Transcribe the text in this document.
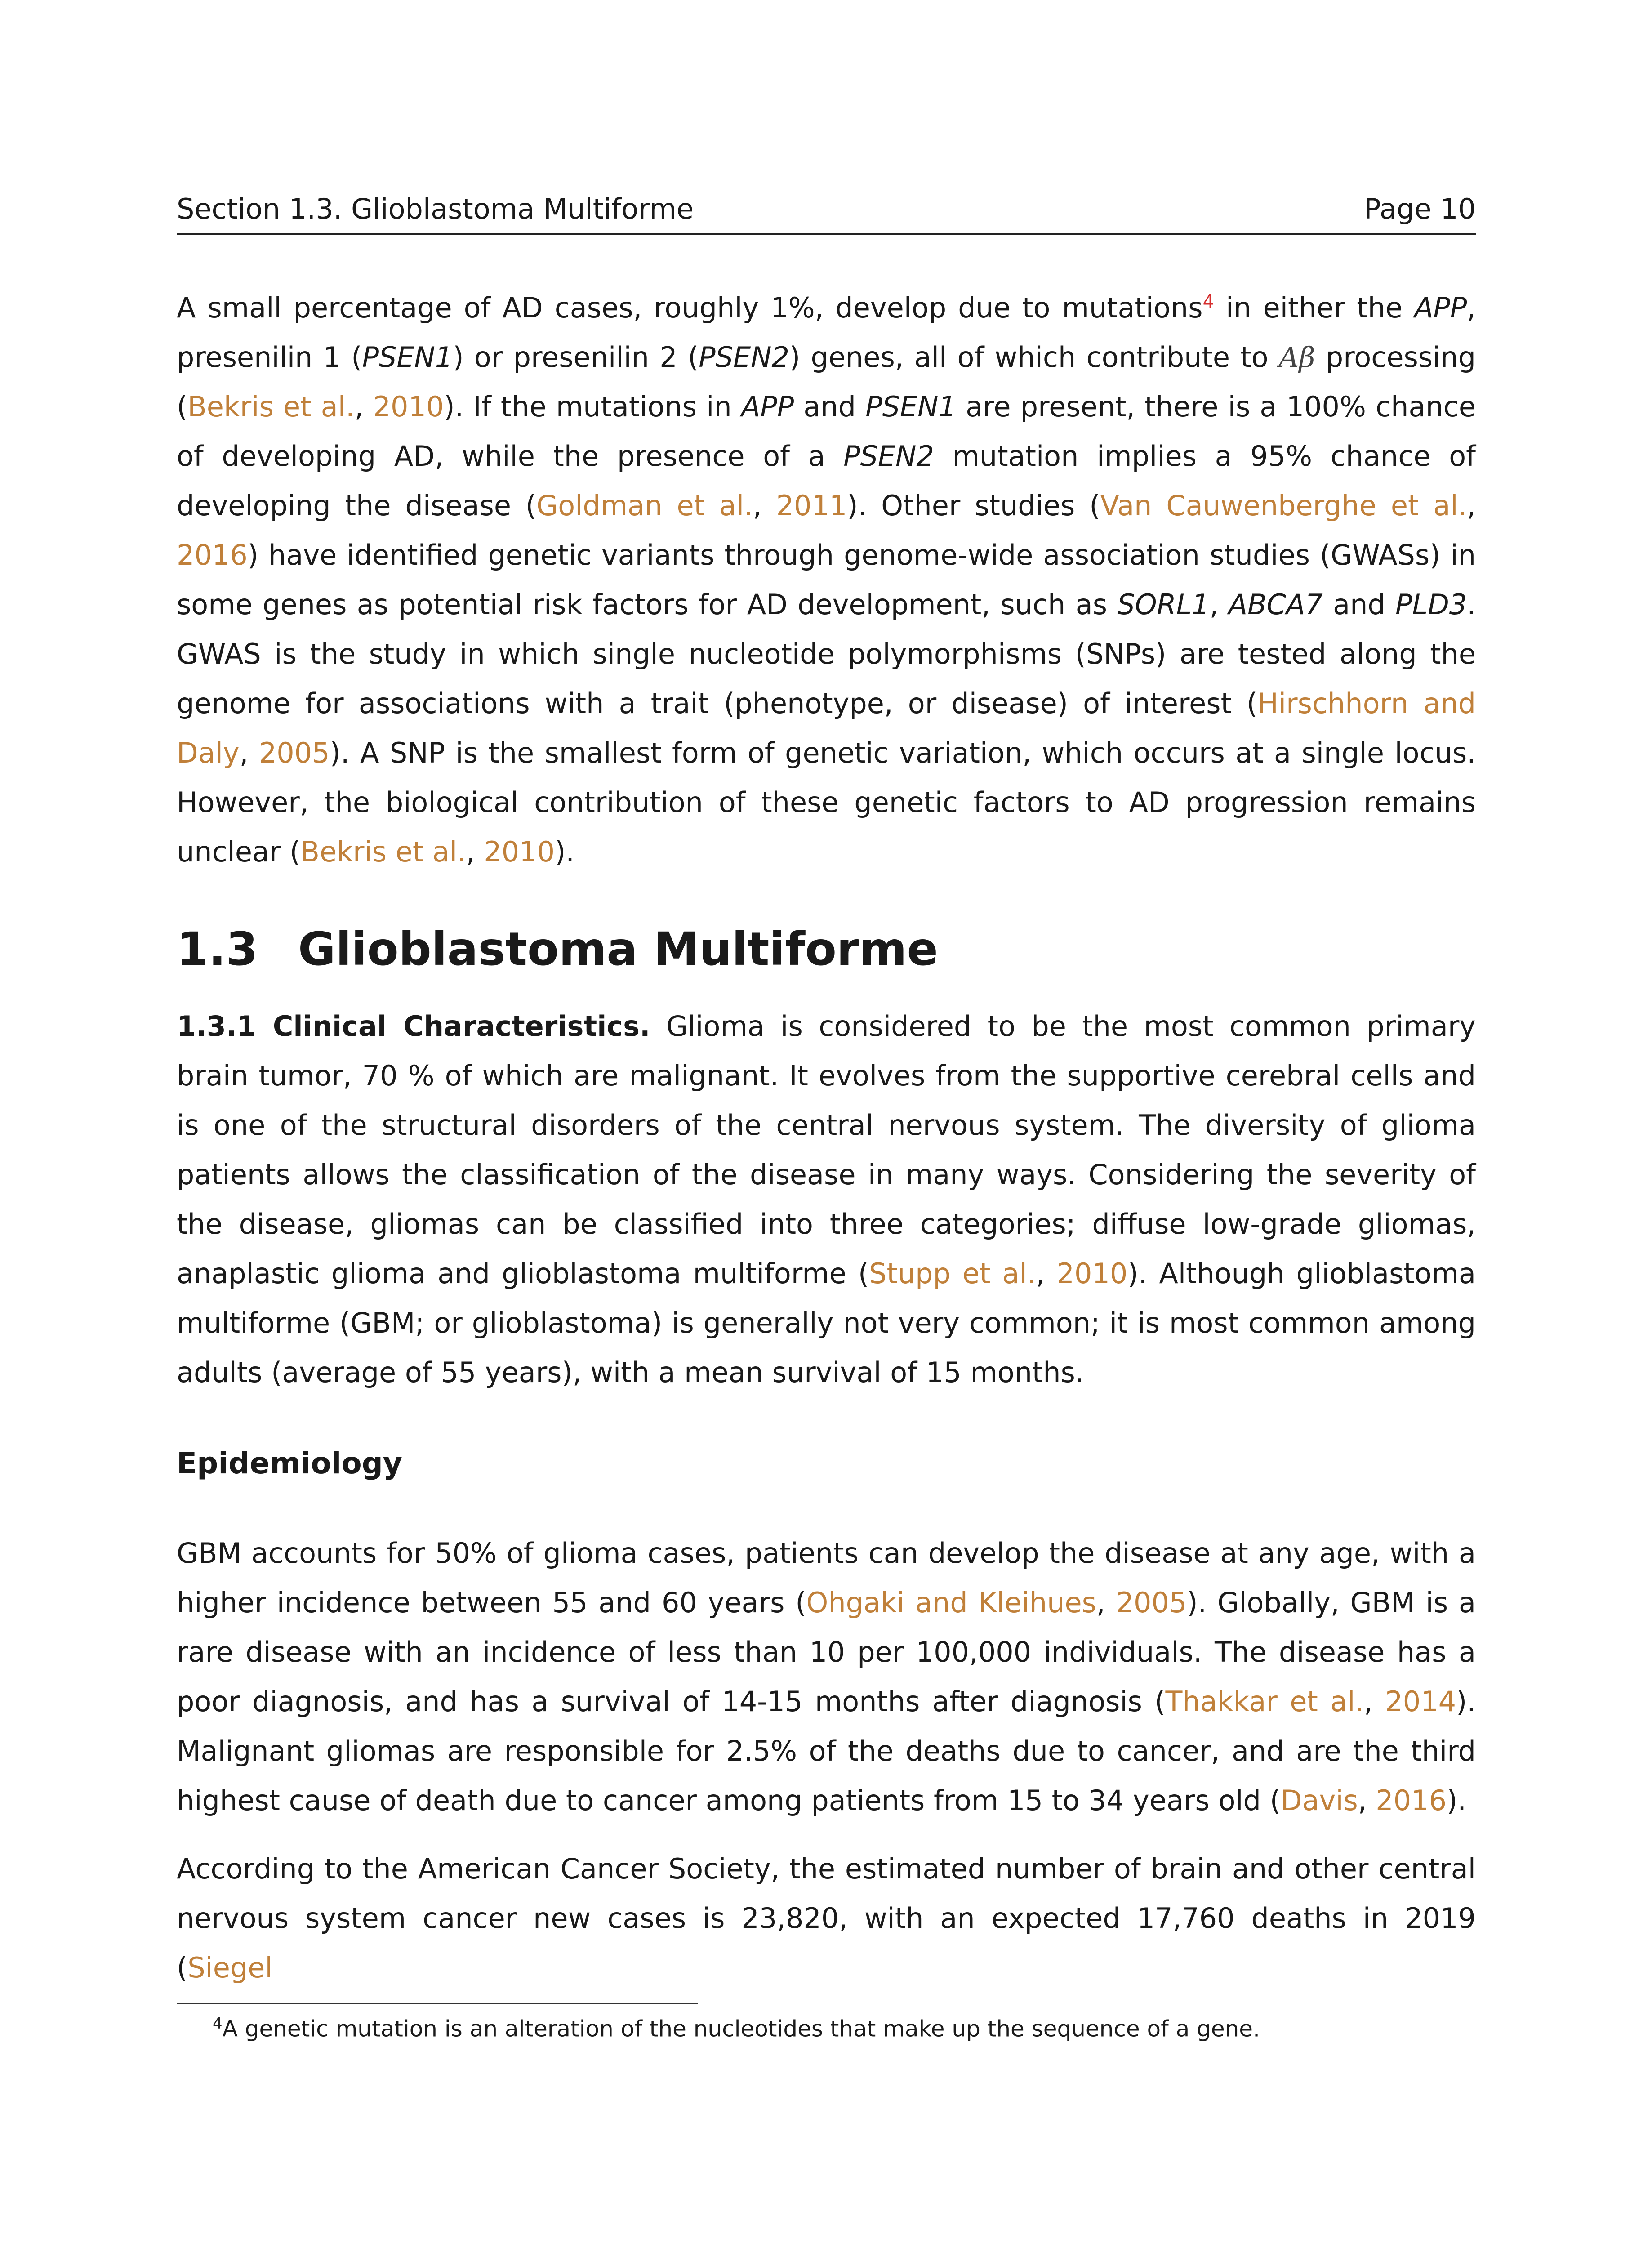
Section 1.3. Glioblastoma Multiforme	Page 10

A small percentage of AD cases, roughly 1%, develop due to mutations$^4$ in either the APP, presenilin 1 (PSEN1) or presenilin 2 (PSEN2) genes, all of which contribute to Aβ processing (Bekris et al., 2010). If the mutations in APP and PSEN1 are present, there is a 100% chance of developing AD, while the presence of a PSEN2 mutation implies a 95% chance of developing the disease (Goldman et al., 2011). Other studies (Van Cauwenberghe et al., 2016) have identified genetic variants through genome-wide association studies (GWASs) in some genes as potential risk factors for AD development, such as SORL1, ABCA7 and PLD3. GWAS is the study in which single nucleotide polymorphisms (SNPs) are tested along the genome for associations with a trait (phenotype, or disease) of interest (Hirschhorn and Daly, 2005). A SNP is the smallest form of genetic variation, which occurs at a single locus. However, the biological contribution of these genetic factors to AD progression remains unclear (Bekris et al., 2010).

1.3 Glioblastoma Multiforme

1.3.1 Clinical Characteristics. Glioma is considered to be the most common primary brain tumor, 70 % of which are malignant. It evolves from the supportive cerebral cells and is one of the structural disorders of the central nervous system. The diversity of glioma patients allows the classification of the disease in many ways. Considering the severity of the disease, gliomas can be classified into three categories; diffuse low-grade gliomas, anaplastic glioma and glioblastoma multiforme (Stupp et al., 2010). Although glioblastoma multiforme (GBM; or glioblastoma) is generally not very common; it is most common among adults (average of 55 years), with a mean survival of 15 months.

Epidemiology

GBM accounts for 50% of glioma cases, patients can develop the disease at any age, with a higher incidence between 55 and 60 years (Ohgaki and Kleihues, 2005). Globally, GBM is a rare disease with an incidence of less than 10 per 100,000 individuals. The disease has a poor diagnosis, and has a survival of 14-15 months after diagnosis (Thakkar et al., 2014). Malignant gliomas are responsible for 2.5% of the deaths due to cancer, and are the third highest cause of death due to cancer among patients from 15 to 34 years old (Davis, 2016).

According to the American Cancer Society, the estimated number of brain and other central nervous system cancer new cases is 23,820, with an expected 17,760 deaths in 2019 (Siegel

$^4$A genetic mutation is an alteration of the nucleotides that make up the sequence of a gene.
